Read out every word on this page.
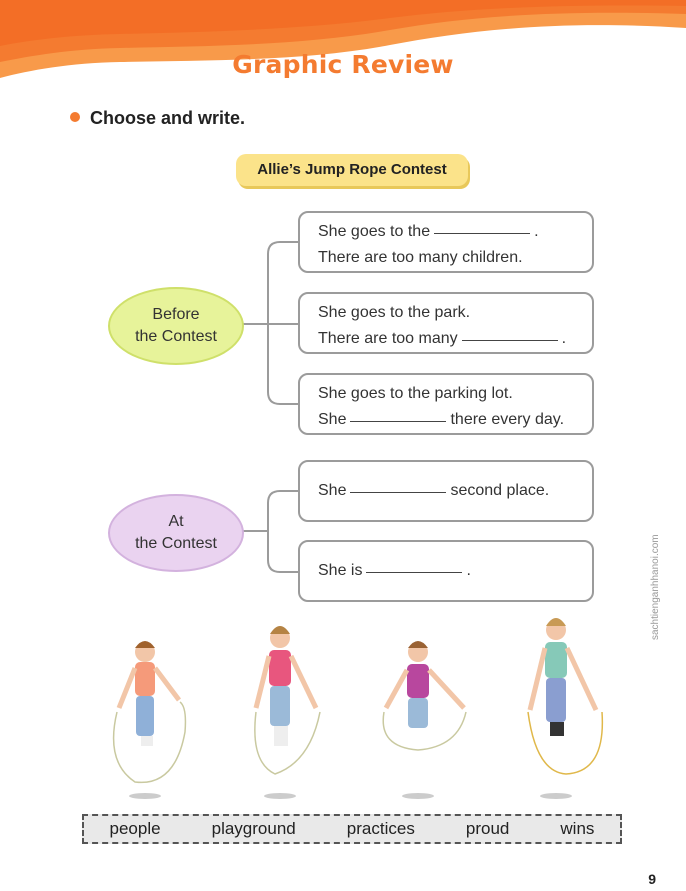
Graphic Review
Choose and write.
Allie’s Jump Rope Contest
Before
the Contest
At
the Contest
She goes to the	.
There are too many children.
She goes to the park.
There are too many	.
She goes to the parking lot.
She	there every day.
She	second place.
She is	.
people	playground	practices	proud	wins
sachtienganhhanoi.com
9
